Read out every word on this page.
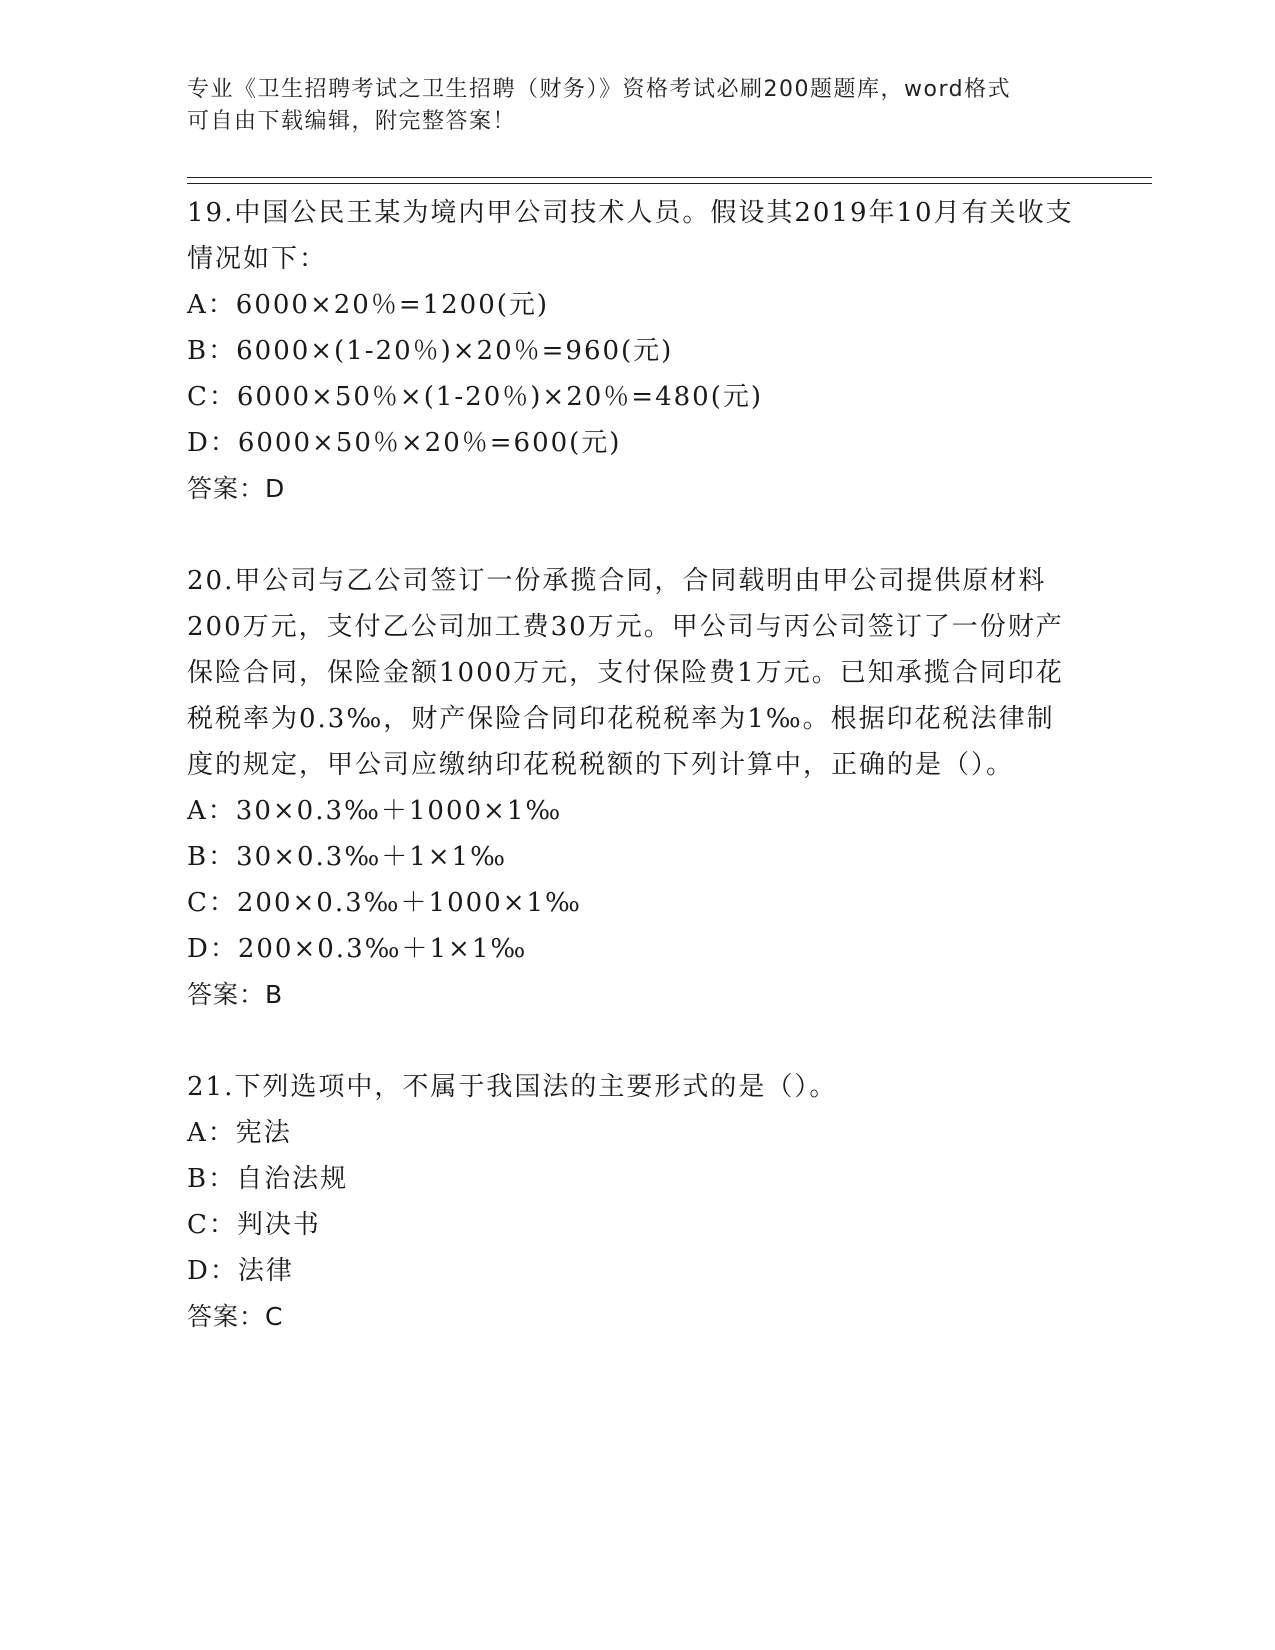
专业《卫生招聘考试之卫生招聘（财务）》资格考试必刷200题题库，word格式
可自由下载编辑，附完整答案！

19.中国公民王某为境内甲公司技术人员。假设其2019年10月有关收支情况如下：

A：6000×20％=1200(元)

B：6000×(1-20％)×20％=960(元)

C：6000×50％×(1-20％)×20％=480(元)

D：6000×50％×20％=600(元)

答案：D

20.甲公司与乙公司签订一份承揽合同，合同载明由甲公司提供原材料200万元，支付乙公司加工费30万元。甲公司与丙公司签订了一份财产保险合同，保险金额1000万元，支付保险费1万元。已知承揽合同印花税税率为0.3‰，财产保险合同印花税税率为1‰。根据印花税法律制度的规定，甲公司应缴纳印花税税额的下列计算中，正确的是（）。

A：30×0.3‰＋1000×1‰

B：30×0.3‰＋1×1‰

C：200×0.3‰＋1000×1‰

D：200×0.3‰＋1×1‰

答案：B

21.下列选项中，不属于我国法的主要形式的是（）。

A：宪法

B：自治法规

C：判决书

D：法律

答案：C
